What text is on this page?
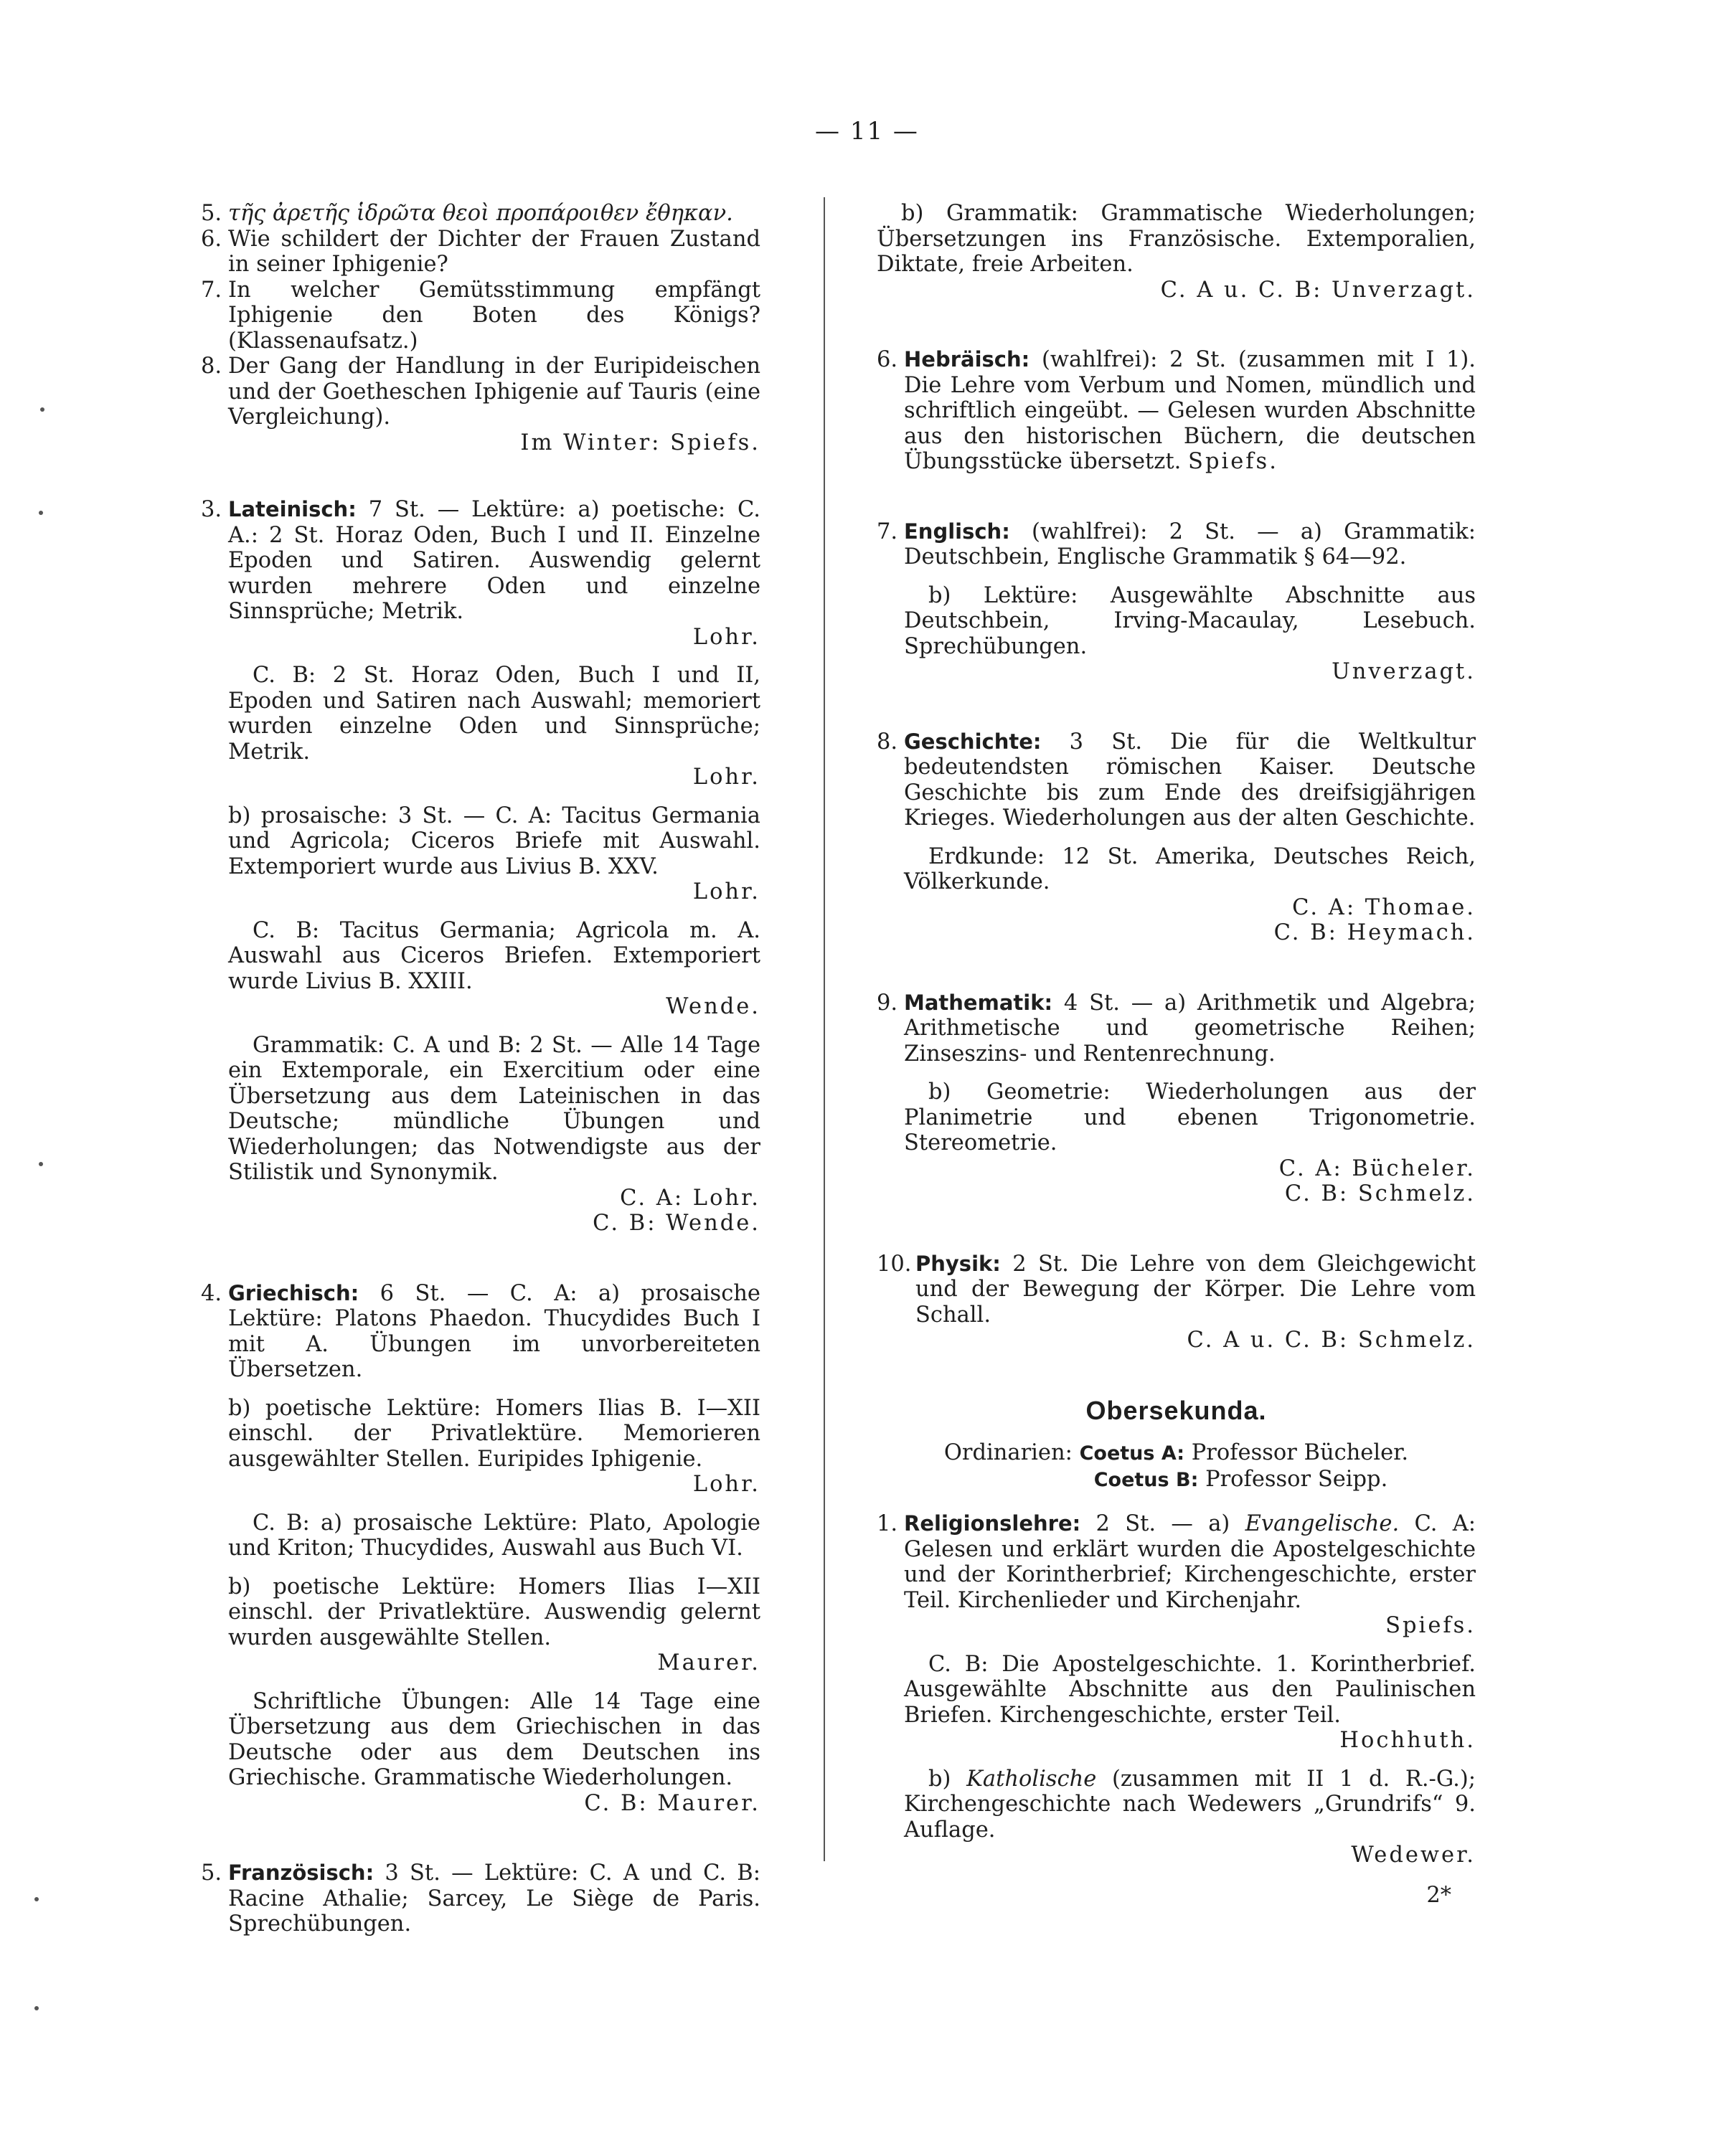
— 11 —
5. τῆς ἀρετῆς ἱδρῶτα θεοὶ προπάροιθεν ἔθηκαν.

6. Wie schildert der Dichter der Frauen Zustand in seiner Iphigenie?

7. In welcher Gemütsstimmung empfängt Iphigenie den Boten des Königs? (Klassenaufsatz.)

8. Der Gang der Handlung in der Euripideischen und der Goetheschen Iphigenie auf Tauris (eine Vergleichung).

Im Winter: Spiefs.

3. Lateinisch: 7 St. — Lektüre: a) poetische: C. A.: 2 St. Horaz Oden, Buch I und II. Einzelne Epoden und Satiren. Auswendig gelernt wurden mehrere Oden und einzelne Sinnsprüche; Metrik.

Lohr.

C. B: 2 St. Horaz Oden, Buch I und II, Epoden und Satiren nach Auswahl; memoriert wurden einzelne Oden und Sinnsprüche; Metrik.

Lohr.

b) prosaische: 3 St. — C. A: Tacitus Germania und Agricola; Ciceros Briefe mit Auswahl. Extemporiert wurde aus Livius B. XXV.

Lohr.

C. B: Tacitus Germania; Agricola m. A. Auswahl aus Ciceros Briefen. Extemporiert wurde Livius B. XXIII.

Wende.

Grammatik: C. A und B: 2 St. — Alle 14 Tage ein Extemporale, ein Exercitium oder eine Übersetzung aus dem Lateinischen in das Deutsche; mündliche Übungen und Wiederholungen; das Notwendigste aus der Stilistik und Synonymik.

C. A: Lohr.

C. B: Wende.

4. Griechisch: 6 St. — C. A: a) prosaische Lektüre: Platons Phaedon. Thucydides Buch I mit A. Übungen im unvorbereiteten Übersetzen.

b) poetische Lektüre: Homers Ilias B. I—XII einschl. der Privatlektüre. Memorieren ausgewählter Stellen. Euripides Iphigenie.

Lohr.

C. B: a) prosaische Lektüre: Plato, Apologie und Kriton; Thucydides, Auswahl aus Buch VI.

b) poetische Lektüre: Homers Ilias I—XII einschl. der Privatlektüre. Auswendig gelernt wurden ausgewählte Stellen.

Maurer.

Schriftliche Übungen: Alle 14 Tage eine Übersetzung aus dem Griechischen in das Deutsche oder aus dem Deutschen ins Griechische. Grammatische Wiederholungen.

C. B: Maurer.

5. Französisch: 3 St. — Lektüre: C. A und C. B: Racine Athalie; Sarcey, Le Siège de Paris. Sprechübungen.

b) Grammatik: Grammatische Wiederholungen; Übersetzungen ins Französische. Extemporalien, Diktate, freie Arbeiten.

C. A u. C. B: Unverzagt.

6. Hebräisch: (wahlfrei): 2 St. (zusammen mit I 1). Die Lehre vom Verbum und Nomen, mündlich und schriftlich eingeübt. — Gelesen wurden Abschnitte aus den historischen Büchern, die deutschen Übungsstücke übersetzt. Spiefs.

7. Englisch: (wahlfrei): 2 St. — a) Grammatik: Deutschbein, Englische Grammatik § 64—92.

b) Lektüre: Ausgewählte Abschnitte aus Deutschbein, Irving-Macaulay, Lesebuch. Sprechübungen.

Unverzagt.

8. Geschichte: 3 St. Die für die Weltkultur bedeutendsten römischen Kaiser. Deutsche Geschichte bis zum Ende des dreifsigjährigen Krieges. Wiederholungen aus der alten Geschichte.

Erdkunde: 12 St. Amerika, Deutsches Reich, Völkerkunde.

C. A: Thomae.

C. B: Heymach.

9. Mathematik: 4 St. — a) Arithmetik und Algebra; Arithmetische und geometrische Reihen; Zinseszins- und Rentenrechnung.

b) Geometrie: Wiederholungen aus der Planimetrie und ebenen Trigonometrie. Stereometrie.

C. A: Bücheler.

C. B: Schmelz.

10. Physik: 2 St. Die Lehre von dem Gleichgewicht und der Bewegung der Körper. Die Lehre vom Schall.

C. A u. C. B: Schmelz.

Obersekunda.

Ordinarien: Coetus A: Professor Bücheler.

Coetus B: Professor Seipp.

1. Religionslehre: 2 St. — a) Evangelische. C. A: Gelesen und erklärt wurden die Apostelgeschichte und der Korintherbrief; Kirchengeschichte, erster Teil. Kirchenlieder und Kirchenjahr.

Spiefs.

C. B: Die Apostelgeschichte. 1. Korintherbrief. Ausgewählte Abschnitte aus den Paulinischen Briefen. Kirchengeschichte, erster Teil.

Hochhuth.

b) Katholische (zusammen mit II 1 d. R.-G.); Kirchengeschichte nach Wedewers „Grundrifs“ 9. Auflage.

Wedewer.

2*
